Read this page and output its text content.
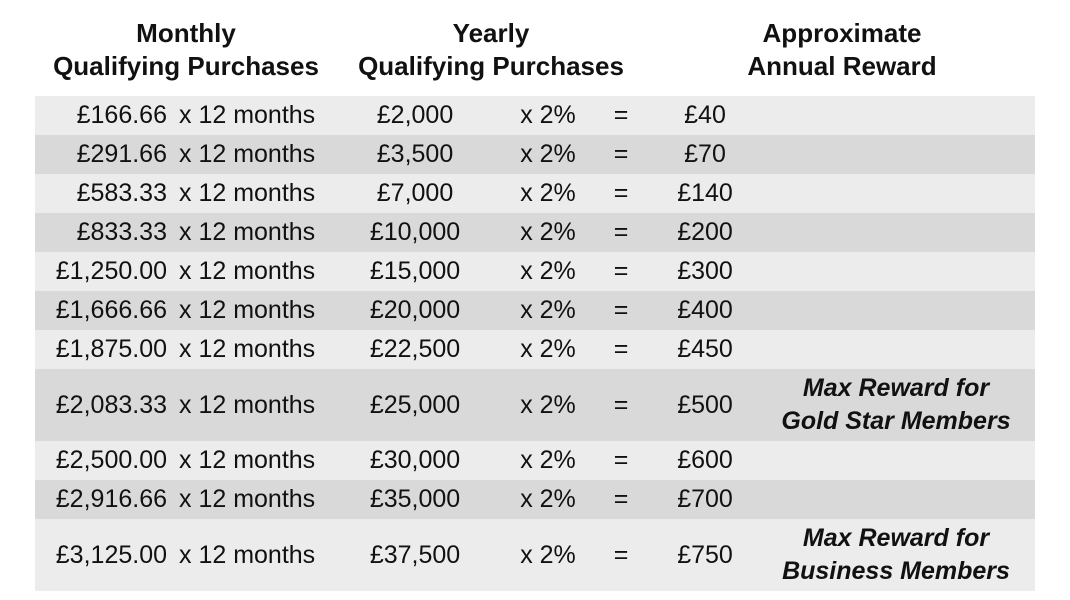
Monthly
Qualifying Purchases
Yearly
Qualifying Purchases
Approximate
Annual Reward
£166.66 x 12 months	£2,000	x 2%	=	£40
£291.66 x 12 months	£3,500	x 2%	=	£70
£583.33 x 12 months	£7,000	x 2%	=	£140
£833.33 x 12 months	£10,000	x 2%	=	£200
£1,250.00 x 12 months	£15,000	x 2%	=	£300
£1,666.66 x 12 months	£20,000	x 2%	=	£400
£1,875.00 x 12 months	£22,500	x 2%	=	£450
£2,083.33 x 12 months	£25,000	x 2%	=	£500
Max Reward for
Gold Star Members
£2,500.00 x 12 months	£30,000	x 2%	=	£600
£2,916.66 x 12 months	£35,000	x 2%	=	£700
£3,125.00 x 12 months	£37,500	x 2%	=	£750
Max Reward for
Business Members
